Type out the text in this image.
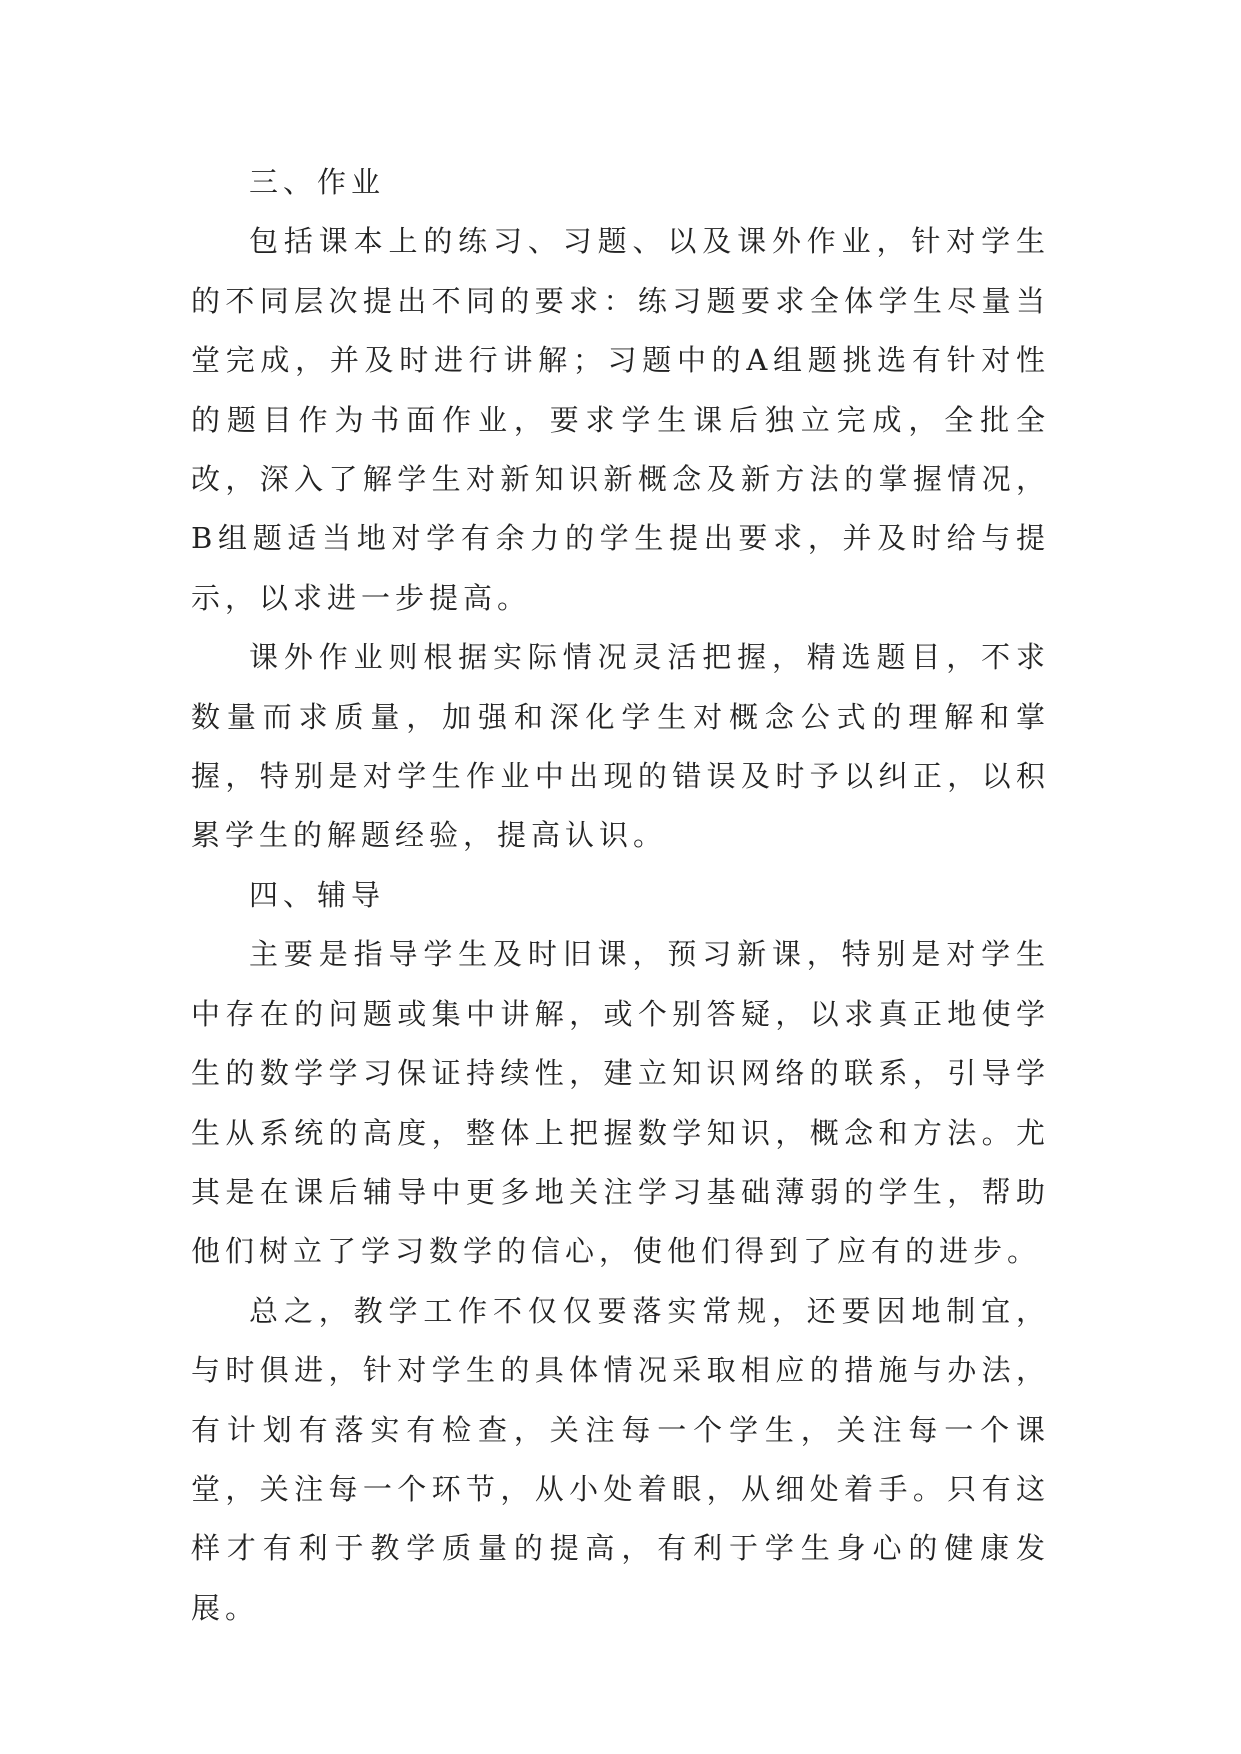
三、作业

包括课本上的练习、习题、以及课外作业，针对学生的不同层次提出不同的要求：练习题要求全体学生尽量当堂完成，并及时进行讲解；习题中的A组题挑选有针对性的题目作为书面作业，要求学生课后独立完成，全批全改，深入了解学生对新知识新概念及新方法的掌握情况，B组题适当地对学有余力的学生提出要求，并及时给与提示，以求进一步提高。

课外作业则根据实际情况灵活把握，精选题目，不求数量而求质量，加强和深化学生对概念公式的理解和掌握，特别是对学生作业中出现的错误及时予以纠正，以积累学生的解题经验，提高认识。

四、辅导

主要是指导学生及时旧课，预习新课，特别是对学生中存在的问题或集中讲解，或个别答疑，以求真正地使学生的数学学习保证持续性，建立知识网络的联系，引导学生从系统的高度，整体上把握数学知识，概念和方法。尤其是在课后辅导中更多地关注学习基础薄弱的学生，帮助他们树立了学习数学的信心，使他们得到了应有的进步。

总之，教学工作不仅仅要落实常规，还要因地制宜，与时俱进，针对学生的具体情况采取相应的措施与办法，有计划有落实有检查，关注每一个学生，关注每一个课堂，关注每一个环节，从小处着眼，从细处着手。只有这样才有利于教学质量的提高，有利于学生身心的健康发展。
